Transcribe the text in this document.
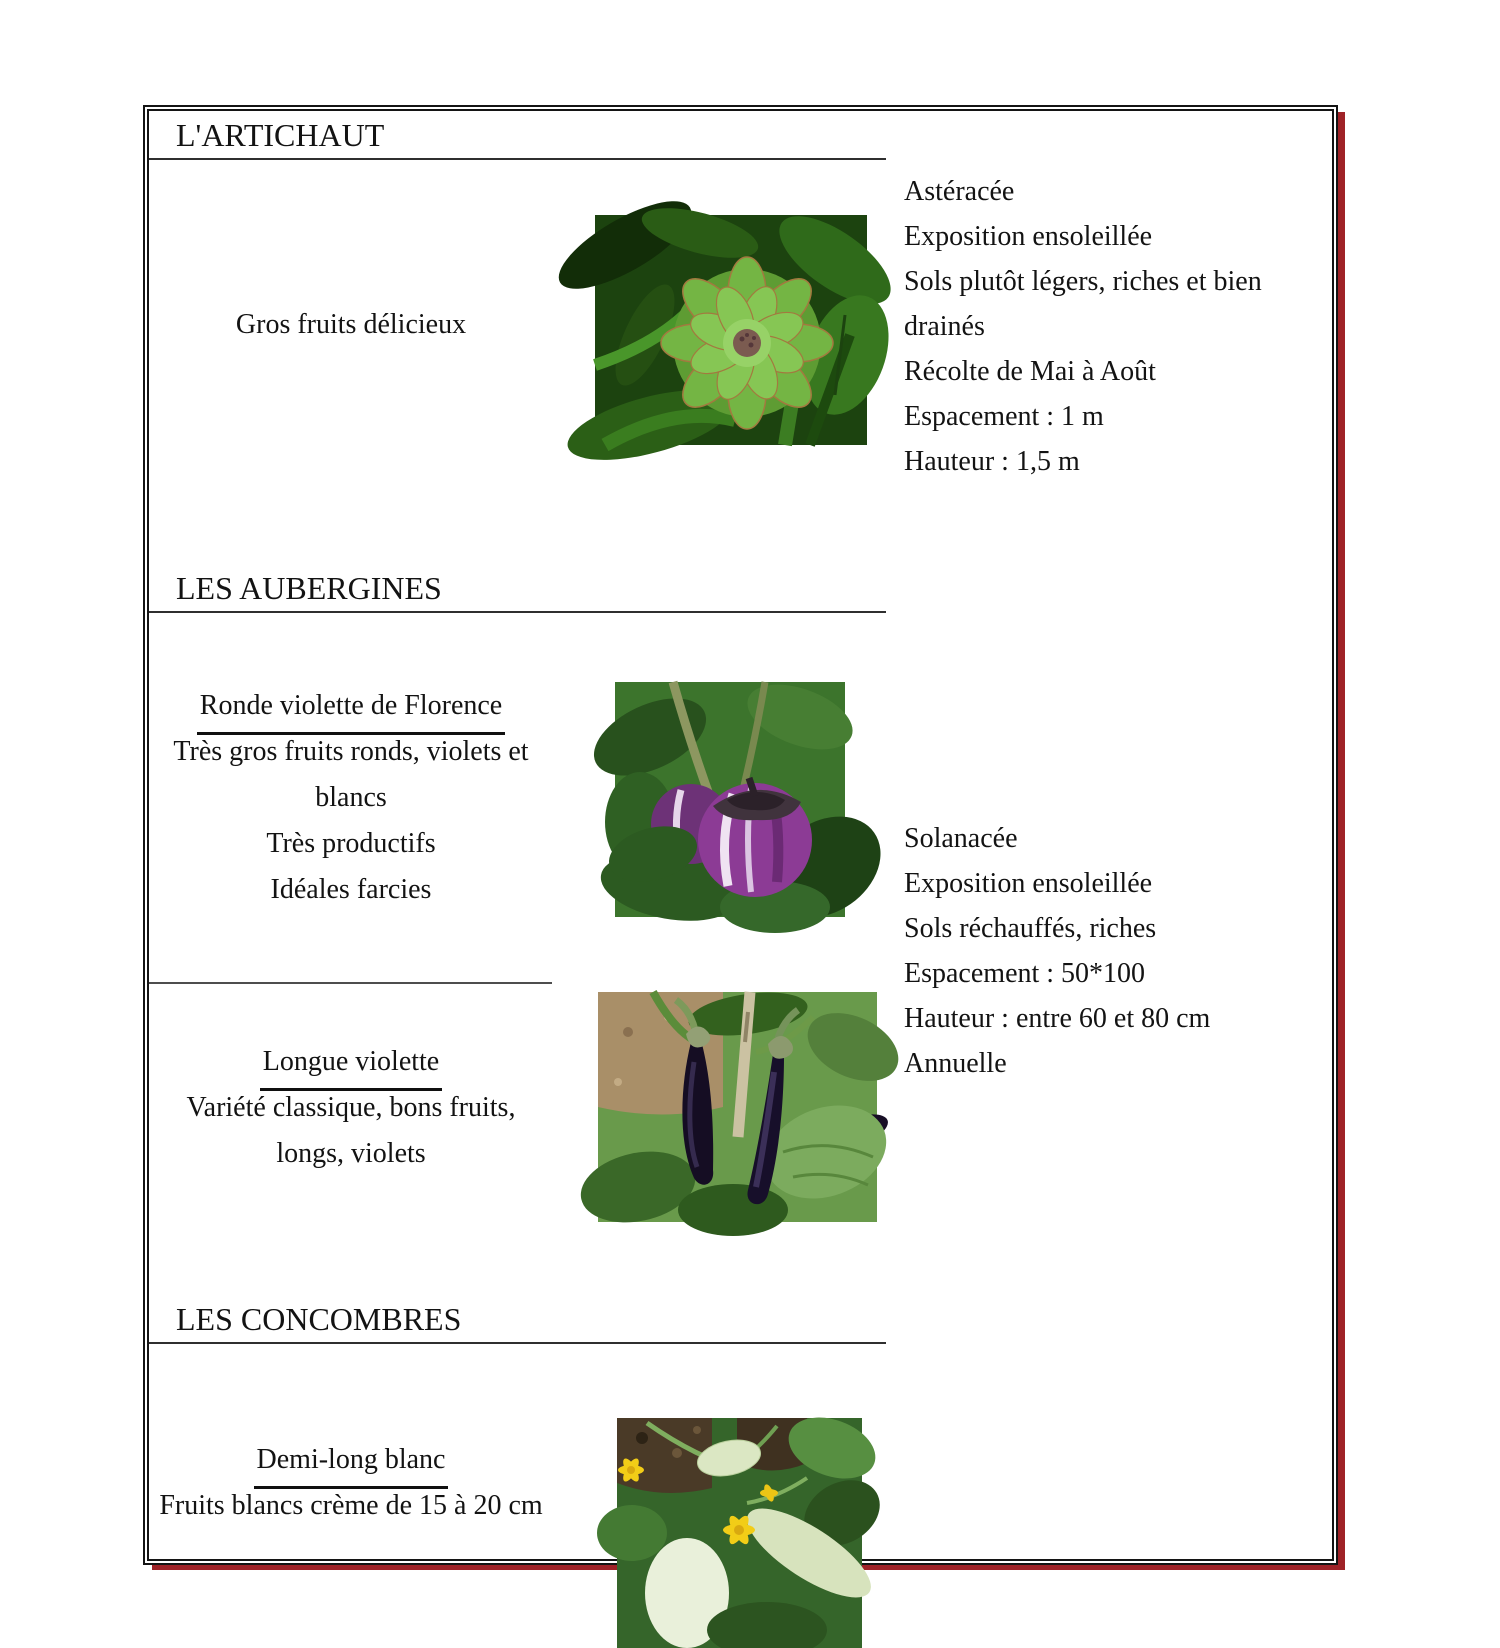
L'ARTICHAUT
Gros fruits délicieux
Astéracée
Exposition ensoleillée
Sols plutôt légers, riches et bien
drainés
Récolte de Mai à Août
Espacement : 1 m
Hauteur : 1,5 m
LES AUBERGINES
Ronde violette de Florence
Très gros fruits ronds, violets et
blancs
Très productifs
Idéales farcies
Solanacée
Exposition ensoleillée
Sols réchauffés, riches
Espacement : 50*100
Hauteur : entre 60 et 80 cm
Annuelle
Longue violette
Variété classique, bons fruits,
longs, violets
LES CONCOMBRES
Demi-long blanc
Fruits blancs crème de 15 à 20 cm
